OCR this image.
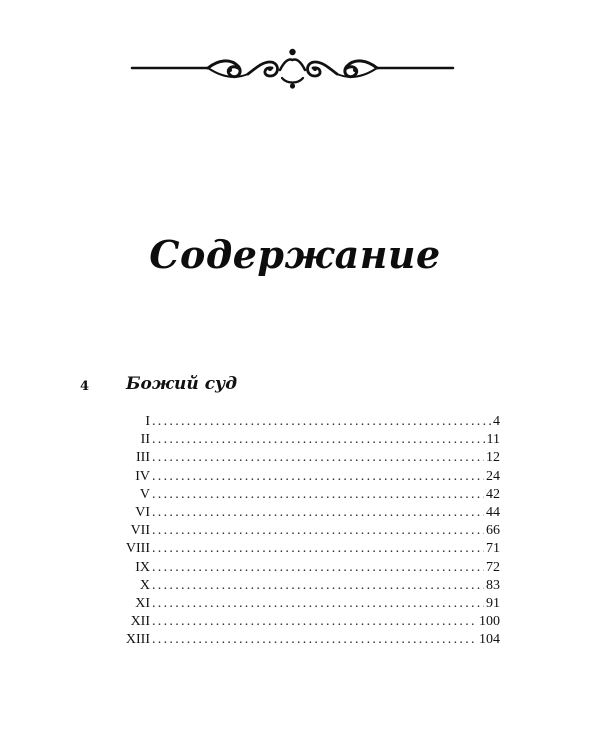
Содержание
4 Божий суд
I .....	4
II .....	11
III .....	12
IV .....	24
V .....	42
VI .....	44
VII .....	66
VIII .....	71
IX .....	72
X .....	83
XI .....	91
XII .....	100
XIII .....	104
